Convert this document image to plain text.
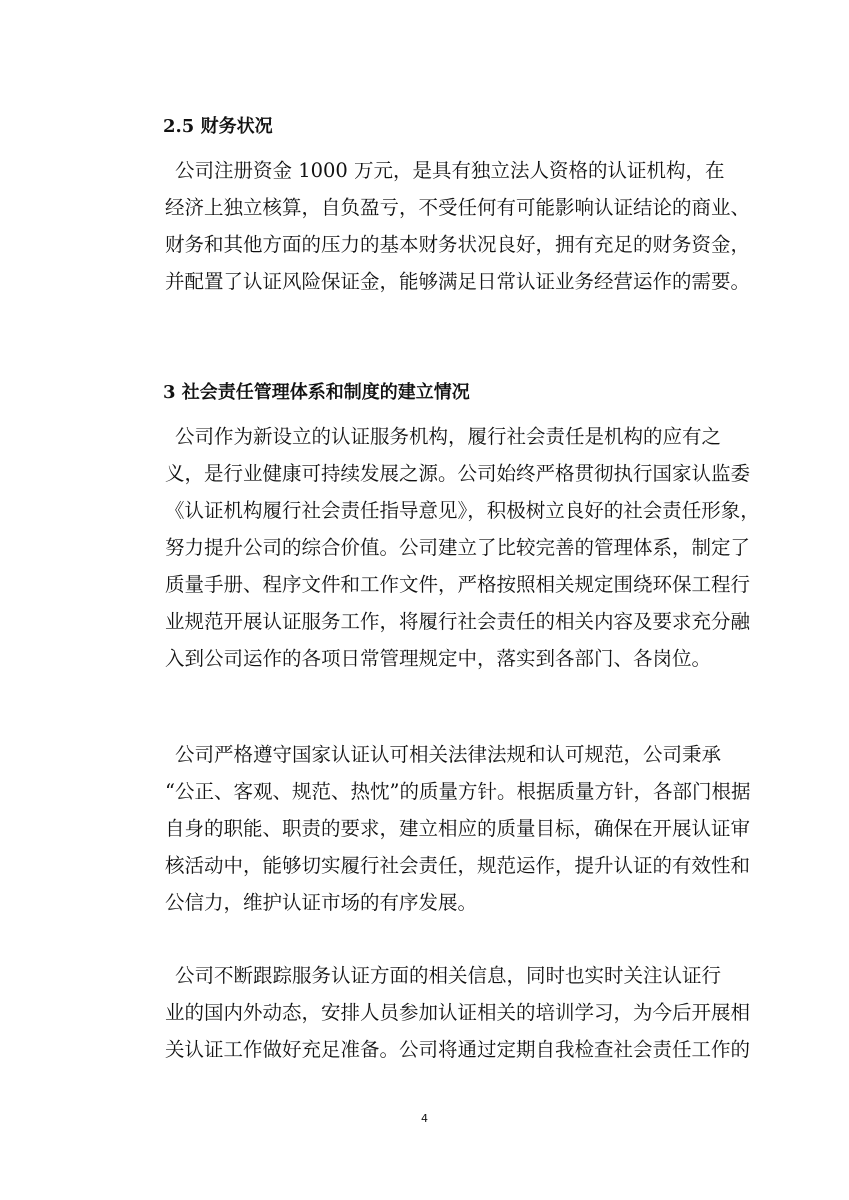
2.5 财务状况

公司注册资金 1000 万元，是具有独立法人资格的认证机构，在
经济上独立核算，自负盈亏，不受任何有可能影响认证结论的商业、
财务和其他方面的压力的基本财务状况良好，拥有充足的财务资金，
并配置了认证风险保证金，能够满足日常认证业务经营运作的需要。

3 社会责任管理体系和制度的建立情况

公司作为新设立的认证服务机构，履行社会责任是机构的应有之
义，是行业健康可持续发展之源。公司始终严格贯彻执行国家认监委
《认证机构履行社会责任指导意见》，积极树立良好的社会责任形象，
努力提升公司的综合价值。公司建立了比较完善的管理体系，制定了
质量手册、程序文件和工作文件，严格按照相关规定围绕环保工程行
业规范开展认证服务工作，将履行社会责任的相关内容及要求充分融
入到公司运作的各项日常管理规定中，落实到各部门、各岗位。

公司严格遵守国家认证认可相关法律法规和认可规范，公司秉承
“公正、客观、规范、热忱”的质量方针。根据质量方针，各部门根据
自身的职能、职责的要求，建立相应的质量目标，确保在开展认证审
核活动中，能够切实履行社会责任，规范运作，提升认证的有效性和
公信力，维护认证市场的有序发展。

公司不断跟踪服务认证方面的相关信息，同时也实时关注认证行
业的国内外动态，安排人员参加认证相关的培训学习，为今后开展相
关认证工作做好充足准备。公司将通过定期自我检查社会责任工作的

4
